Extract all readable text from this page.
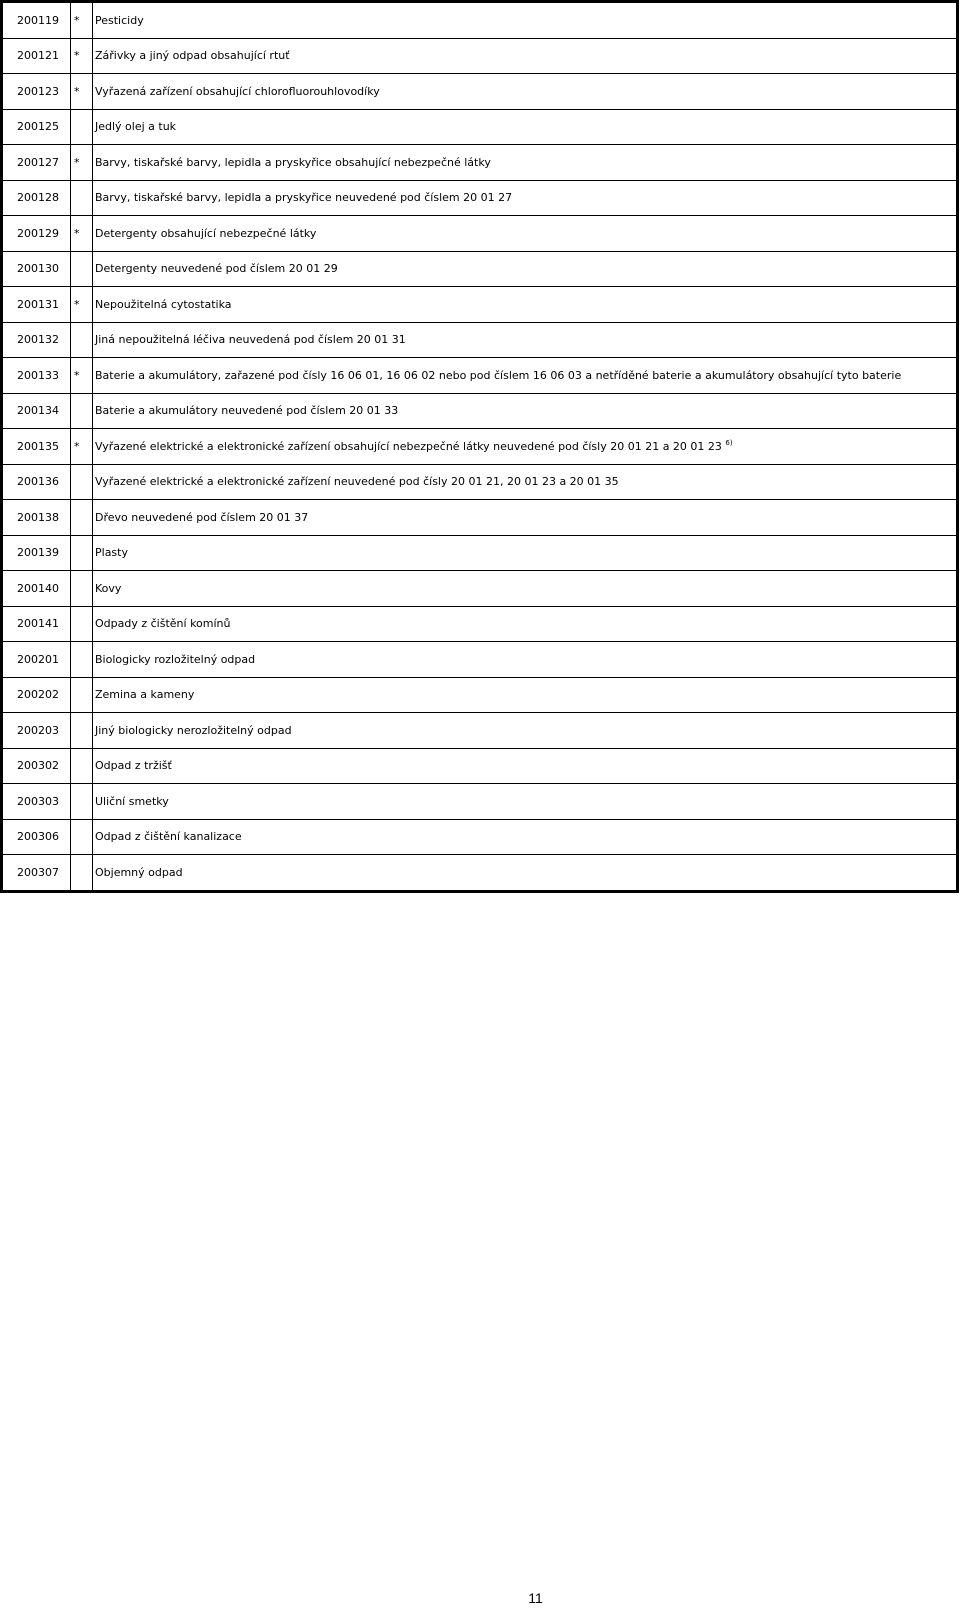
200119	*	Pesticidy
200121	*	Zářivky a jiný odpad obsahující rtuť
200123	*	Vyřazená zařízení obsahující chlorofluorouhlovodíky
200125		Jedlý olej a tuk
200127	*	Barvy, tiskařské barvy, lepidla a pryskyřice obsahující nebezpečné látky
200128		Barvy, tiskařské barvy, lepidla a pryskyřice neuvedené pod číslem 20 01 27
200129	*	Detergenty obsahující nebezpečné látky
200130		Detergenty neuvedené pod číslem 20 01 29
200131	*	Nepoužitelná cytostatika
200132		Jiná nepoužitelná léčiva neuvedená pod číslem 20 01 31
200133	*	Baterie a akumulátory, zařazené pod čísly 16 06 01, 16 06 02 nebo pod číslem 16 06 03 a netříděné baterie a akumulátory obsahující tyto baterie
200134		Baterie a akumulátory neuvedené pod číslem 20 01 33
200135	*	Vyřazené elektrické a elektronické zařízení obsahující nebezpečné látky neuvedené pod čísly 20 01 21 a 20 01 23 $^{6)}$
200136		Vyřazené elektrické a elektronické zařízení neuvedené pod čísly 20 01 21, 20 01 23 a 20 01 35
200138		Dřevo neuvedené pod číslem 20 01 37
200139		Plasty
200140		Kovy
200141		Odpady z čištění komínů
200201		Biologicky rozložitelný odpad
200202		Zemina a kameny
200203		Jiný biologicky nerozložitelný odpad
200302		Odpad z tržišť
200303		Uliční smetky
200306		Odpad z čištění kanalizace
200307		Objemný odpad
11
